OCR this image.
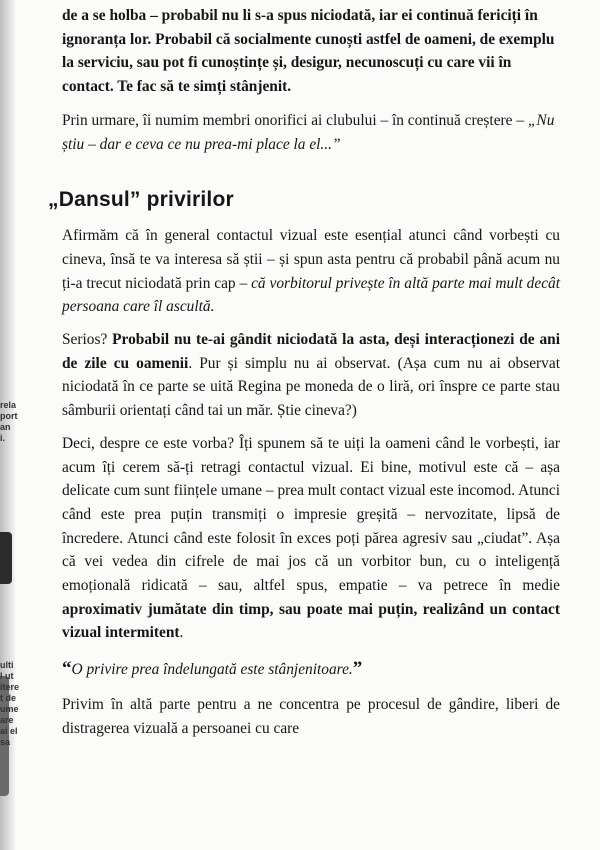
rela
port
an
i.
ulti
l ut
itere
t de
ume
are
ai el
sa

de a se holba – probabil nu li s-a spus niciodată, iar ei continuă fericiți în ignoranța lor. Probabil că socialmente cunoști astfel de oameni, de exemplu la serviciu, sau pot fi cunoștințe și, desigur, necunoscuți cu care vii în contact. Te fac să te simți stânjenit.

Prin urmare, îi numim membri onorifici ai clubului – în continuă creștere – „Nu știu – dar e ceva ce nu prea-mi place la el...”

„Dansul” privirilor

Afirmăm că în general contactul vizual este esențial atunci când vorbești cu cineva, însă te va interesa să știi – și spun asta pentru că probabil până acum nu ți-a trecut niciodată prin cap – că vorbitorul privește în altă parte mai mult decât persoana care îl ascultă.

Serios? Probabil nu te-ai gândit niciodată la asta, deși interacționezi de ani de zile cu oamenii. Pur și simplu nu ai observat. (Așa cum nu ai observat niciodată în ce parte se uită Regina pe moneda de o liră, ori înspre ce parte stau sâmburii orientați când tai un măr. Știe cineva?)

Deci, despre ce este vorba? Îți spunem să te uiți la oameni când le vorbești, iar acum îți cerem să-ți retragi contactul vizual. Ei bine, motivul este că – așa delicate cum sunt ființele umane – prea mult contact vizual este incomod. Atunci când este prea puțin transmiți o impresie greșită – nervozitate, lipsă de încredere. Atunci când este folosit în exces poți părea agresiv sau „ciudat”. Așa că vei vedea din cifrele de mai jos că un vorbitor bun, cu o inteligență emoțională ridicată – sau, altfel spus, empatie – va petrece în medie aproximativ jumătate din timp, sau poate mai puțin, realizând un contact vizual intermitent.

“O privire prea îndelungată este stânjenitoare.”

Privim în altă parte pentru a ne concentra pe procesul de gândire, liberi de distragerea vizuală a persoanei cu care
